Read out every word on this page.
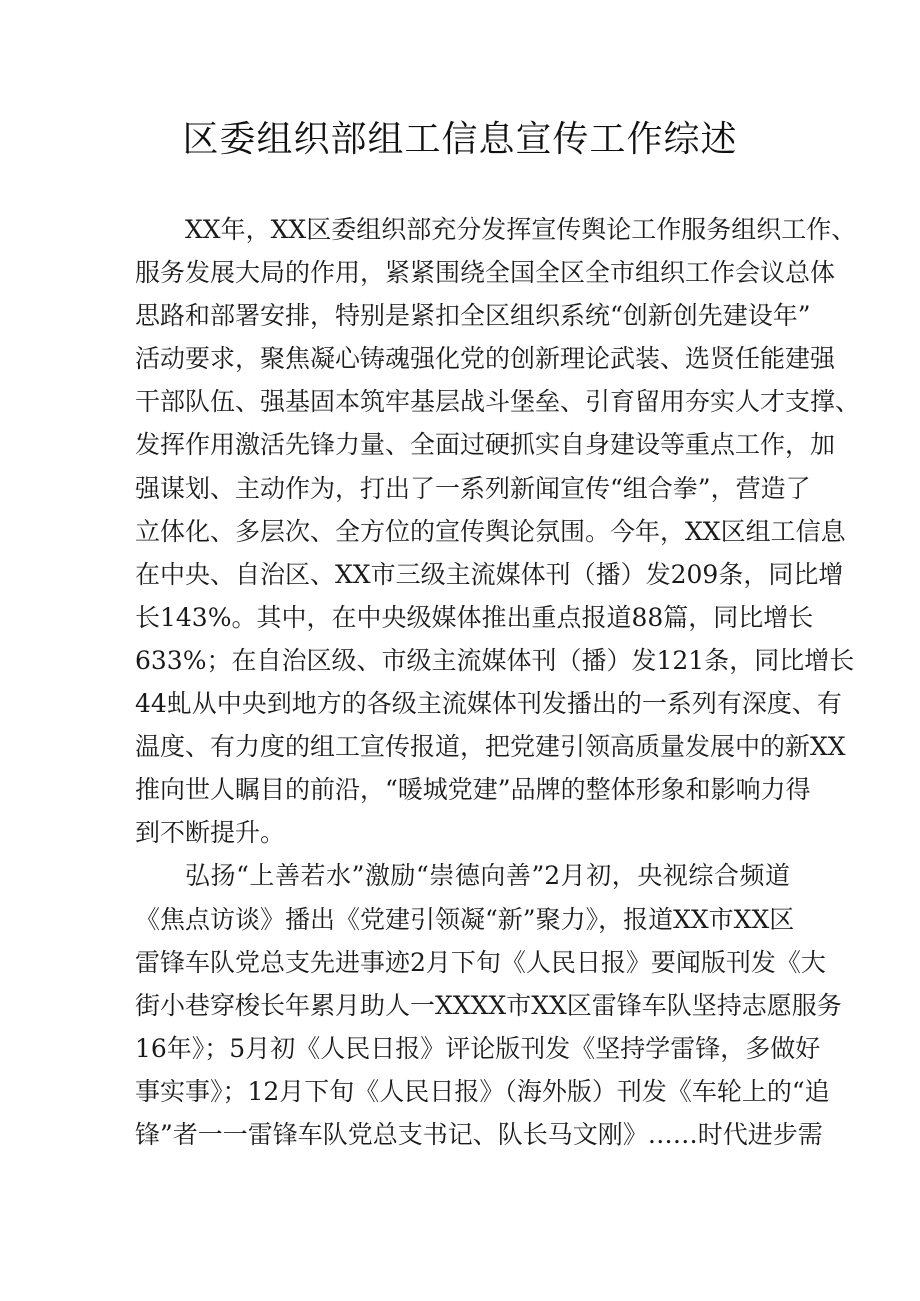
区委组织部组工信息宣传工作综述
XX年，XX区委组织部充分发挥宣传舆论工作服务组织工作、
服务发展大局的作用，紧紧围绕全国全区全市组织工作会议总体
思路和部署安排，特别是紧扣全区组织系统“创新创先建设年”
活动要求，聚焦凝心铸魂强化党的创新理论武装、选贤任能建强
干部队伍、强基固本筑牢基层战斗堡垒、引育留用夯实人才支撑、
发挥作用激活先锋力量、全面过硬抓实自身建设等重点工作，加
强谋划、主动作为，打出了一系列新闻宣传“组合拳”，营造了
立体化、多层次、全方位的宣传舆论氛围。今年，XX区组工信息
在中央、自治区、XX市三级主流媒体刊（播）发209条，同比增
长143%。其中，在中央级媒体推出重点报道88篇，同比增长
633%；在自治区级、市级主流媒体刊（播）发121条，同比增长
44虬从中央到地方的各级主流媒体刊发播出的一系列有深度、有
温度、有力度的组工宣传报道，把党建引领高质量发展中的新XX
推向世人瞩目的前沿，“暖城党建”品牌的整体形象和影响力得
到不断提升。
弘扬“上善若水”激励“崇德向善”2月初，央视综合频道
《焦点访谈》播出《党建引领凝“新”聚力》，报道XX市XX区
雷锋车队党总支先进事迹2月下旬《人民日报》要闻版刊发《大
街小巷穿梭长年累月助人一XXXX市XX区雷锋车队坚持志愿服务
16年》；5月初《人民日报》评论版刊发《坚持学雷锋，多做好
事实事》；12月下旬《人民日报》（海外版）刊发《车轮上的“追
锋”者一一雷锋车队党总支书记、队长马文刚》……时代进步需
